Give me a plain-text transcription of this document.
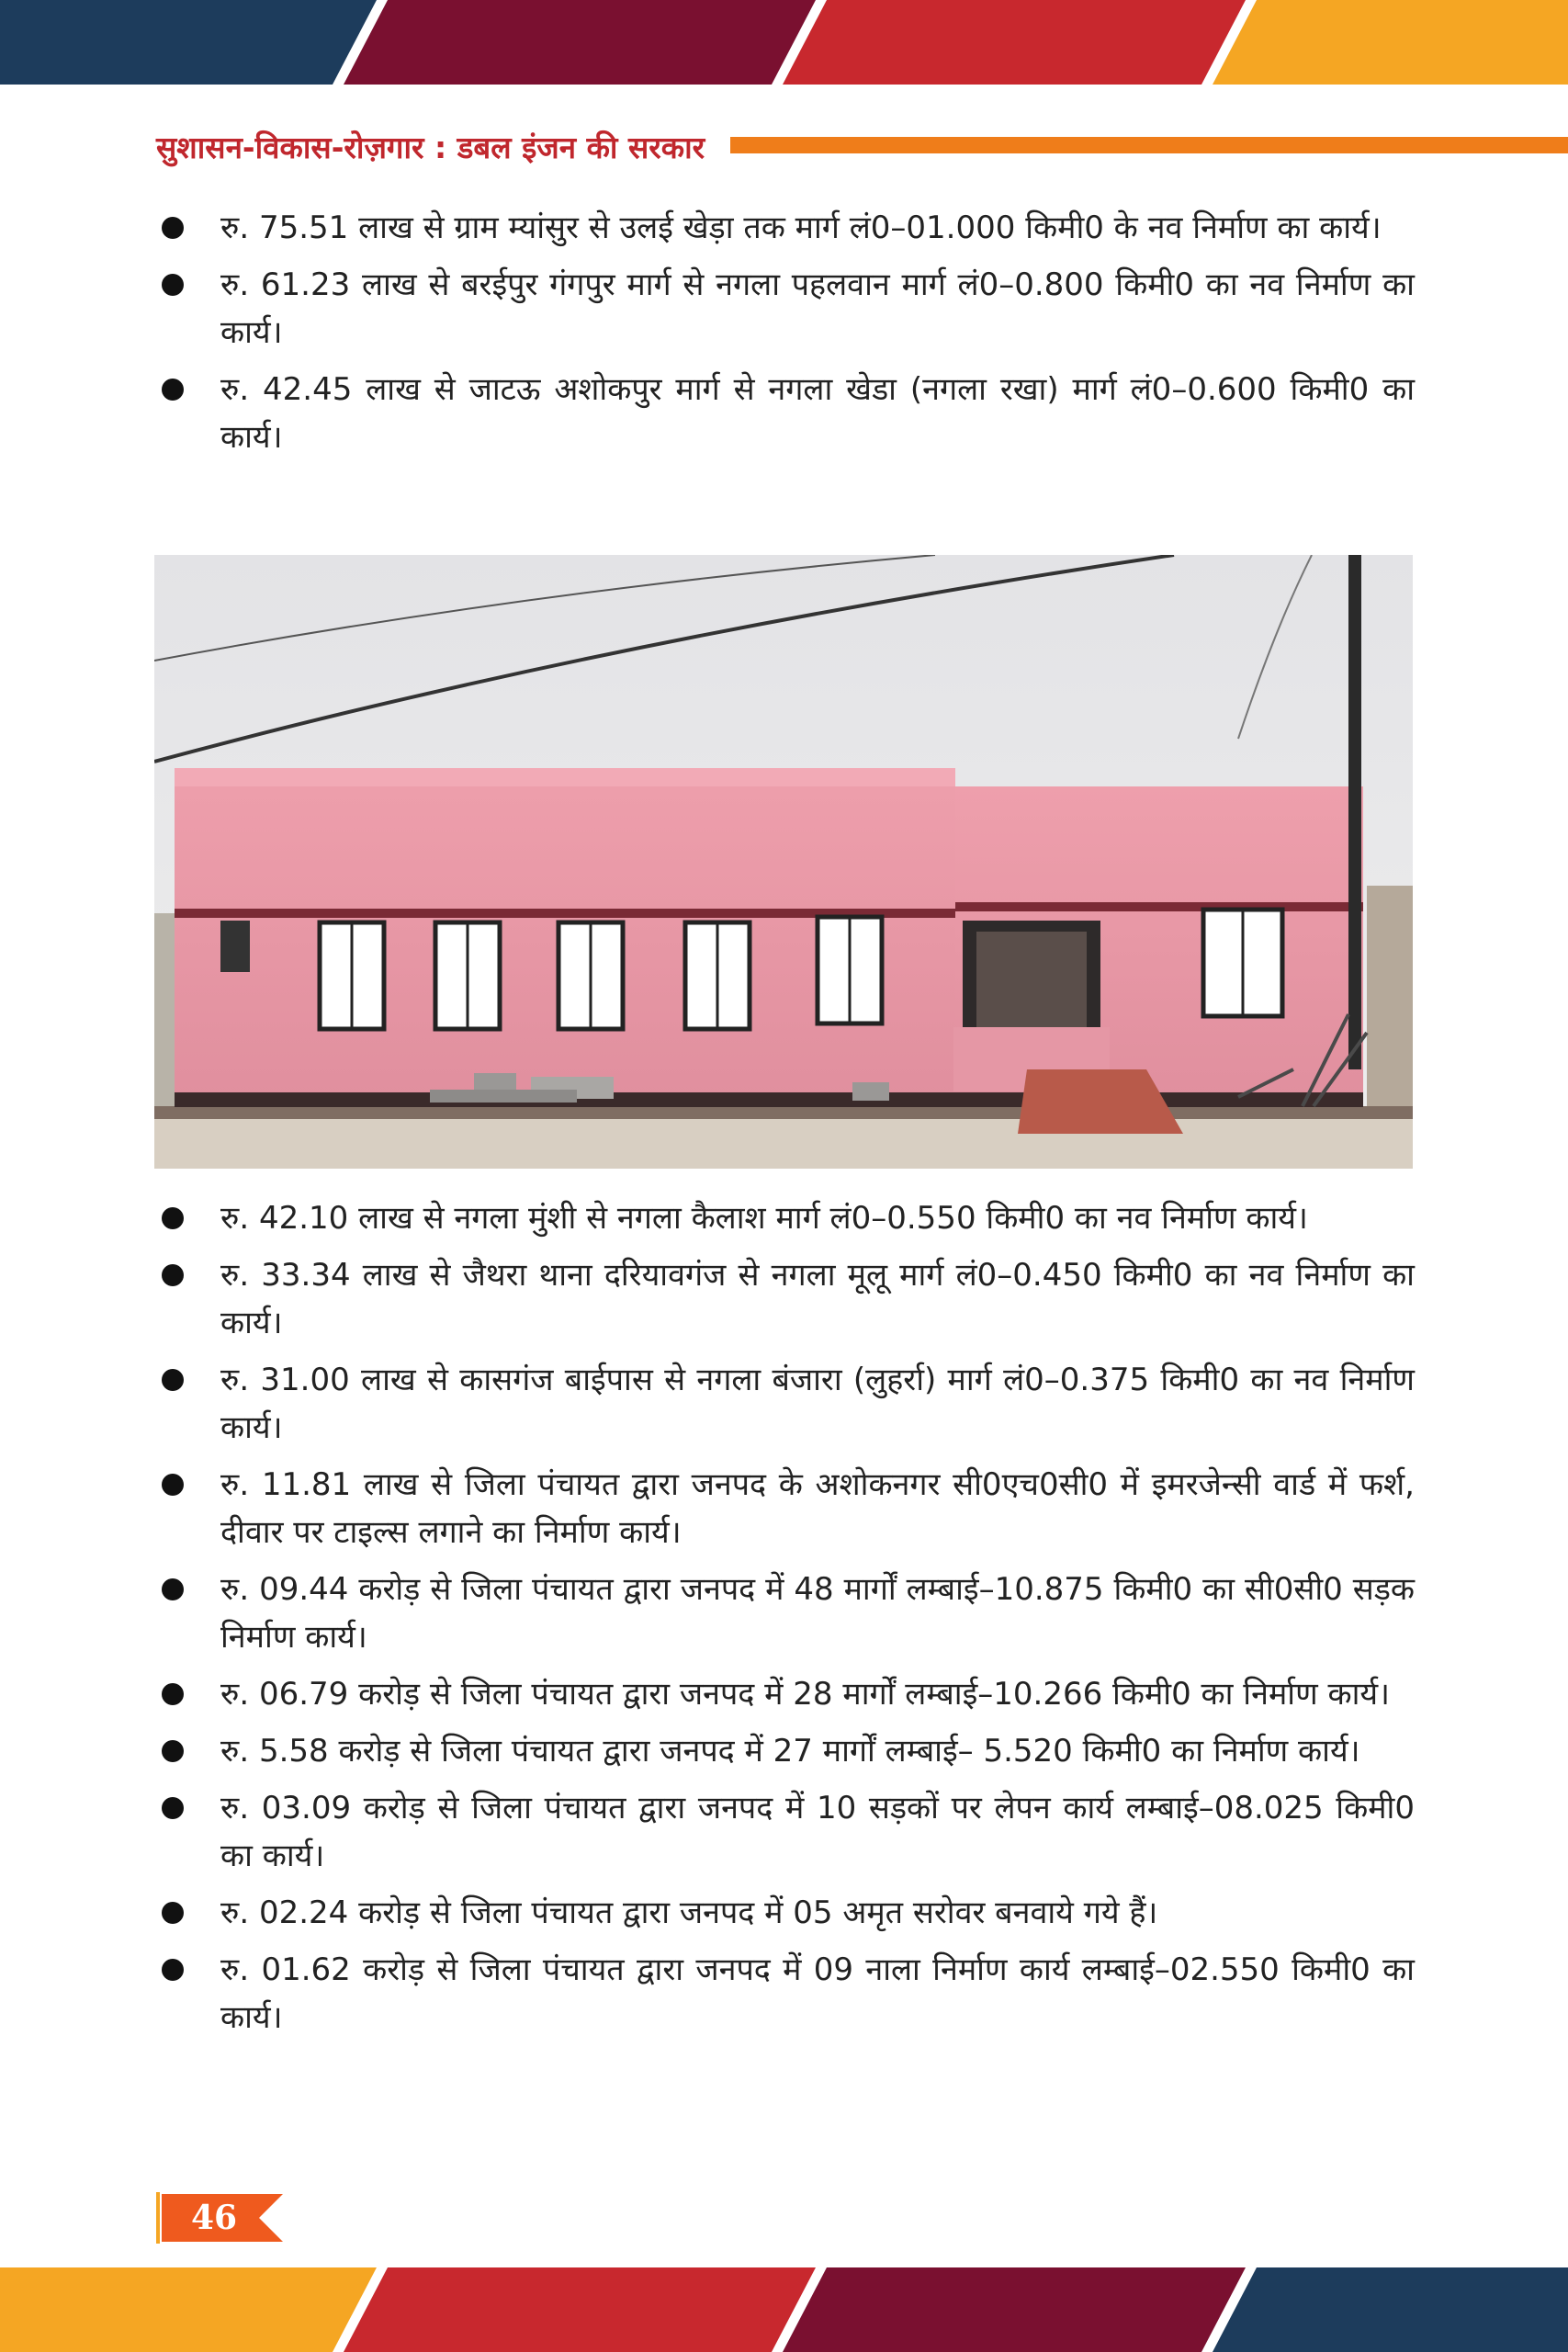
सुशासन-विकास-रोज़गार : डबल इंजन की सरकार
रु. 75.51 लाख से ग्राम म्यांसुर से उलई खेड़ा तक मार्ग लं0–01.000 किमी0 के नव निर्माण का कार्य।
रु. 61.23 लाख से बरईपुर गंगपुर मार्ग से नगला पहलवान मार्ग लं0–0.800 किमी0 का नव निर्माण का कार्य।
रु. 42.45 लाख से जाटऊ अशोकपुर मार्ग से नगला खेडा (नगला रखा) मार्ग लं0–0.600 किमी0 का कार्य।
रु. 42.10 लाख से नगला मुंशी से नगला कैलाश मार्ग लं0–0.550 किमी0 का नव निर्माण कार्य।
रु. 33.34 लाख से जैथरा थाना दरियावगंज से नगला मूलू मार्ग लं0–0.450 किमी0 का नव निर्माण का कार्य।
रु. 31.00 लाख से कासगंज बाईपास से नगला बंजारा (लुहर्रा) मार्ग लं0–0.375 किमी0 का नव निर्माण कार्य।
रु. 11.81 लाख से जिला पंचायत द्वारा जनपद के अशोकनगर सी0एच0सी0 में इमरजेन्सी वार्ड में फर्श, दीवार पर टाइल्स लगाने का निर्माण कार्य।
रु. 09.44 करोड़ से जिला पंचायत द्वारा जनपद में 48 मार्गों लम्बाई–10.875 किमी0 का सी0सी0 सड़क निर्माण कार्य।
रु. 06.79 करोड़ से जिला पंचायत द्वारा जनपद में 28 मार्गों लम्बाई–10.266 किमी0 का निर्माण कार्य।
रु. 5.58 करोड़ से जिला पंचायत द्वारा जनपद में 27 मार्गों लम्बाई– 5.520 किमी0 का निर्माण कार्य।
रु. 03.09 करोड़ से जिला पंचायत द्वारा जनपद में 10 सड़कों पर लेपन कार्य लम्बाई–08.025 किमी0 का कार्य।
रु. 02.24 करोड़ से जिला पंचायत द्वारा जनपद में 05 अमृत सरोवर बनवाये गये हैं।
रु. 01.62 करोड़ से जिला पंचायत द्वारा जनपद में 09 नाला निर्माण कार्य लम्बाई–02.550 किमी0 का कार्य।
46
